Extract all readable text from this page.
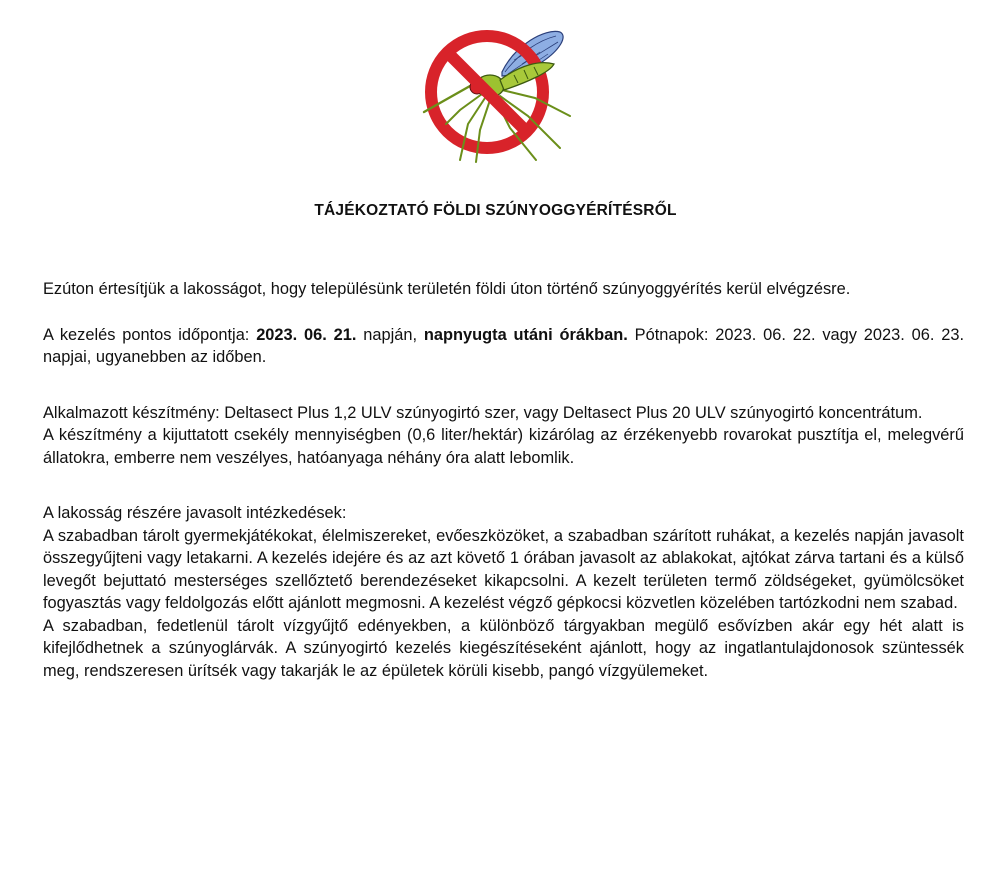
TÁJÉKOZTATÓ FÖLDI SZÚNYOGGYÉRÍTÉSRŐL

Ezúton értesítjük a lakosságot, hogy településünk területén földi úton történő szúnyoggyérítés kerül elvégzésre.

A kezelés pontos időpontja: 2023. 06. 21. napján, napnyugta utáni órákban. Pótnapok: 2023. 06. 22. vagy 2023. 06. 23. napjai, ugyanebben az időben.

Alkalmazott készítmény: Deltasect Plus 1,2 ULV szúnyogirtó szer, vagy Deltasect Plus 20 ULV szúnyogirtó koncentrátum.

A készítmény a kijuttatott csekély mennyiségben (0,6 liter/hektár) kizárólag az érzékenyebb rovarokat pusztítja el, melegvérű állatokra, emberre nem veszélyes, hatóanyaga néhány óra alatt lebomlik.

A lakosság részére javasolt intézkedések:

A szabadban tárolt gyermekjátékokat, élelmiszereket, evőeszközöket, a szabadban szárított ruhákat, a kezelés napján javasolt összegyűjteni vagy letakarni. A kezelés idejére és az azt követő 1 órában javasolt az ablakokat, ajtókat zárva tartani és a külső levegőt bejuttató mesterséges szellőztető berendezéseket kikapcsolni. A kezelt területen termő zöldségeket, gyümölcsöket fogyasztás vagy feldolgozás előtt ajánlott megmosni. A kezelést végző gépkocsi közvetlen közelében tartózkodni nem szabad.

A szabadban, fedetlenül tárolt vízgyűjtő edényekben, a különböző tárgyakban megülő esővízben akár egy hét alatt is kifejlődhetnek a szúnyoglárvák. A szúnyogirtó kezelés kiegészítéseként ajánlott, hogy az ingatlantulajdonosok szüntessék meg, rendszeresen ürítsék vagy takarják le az épületek körüli kisebb, pangó vízgyülemeket.
